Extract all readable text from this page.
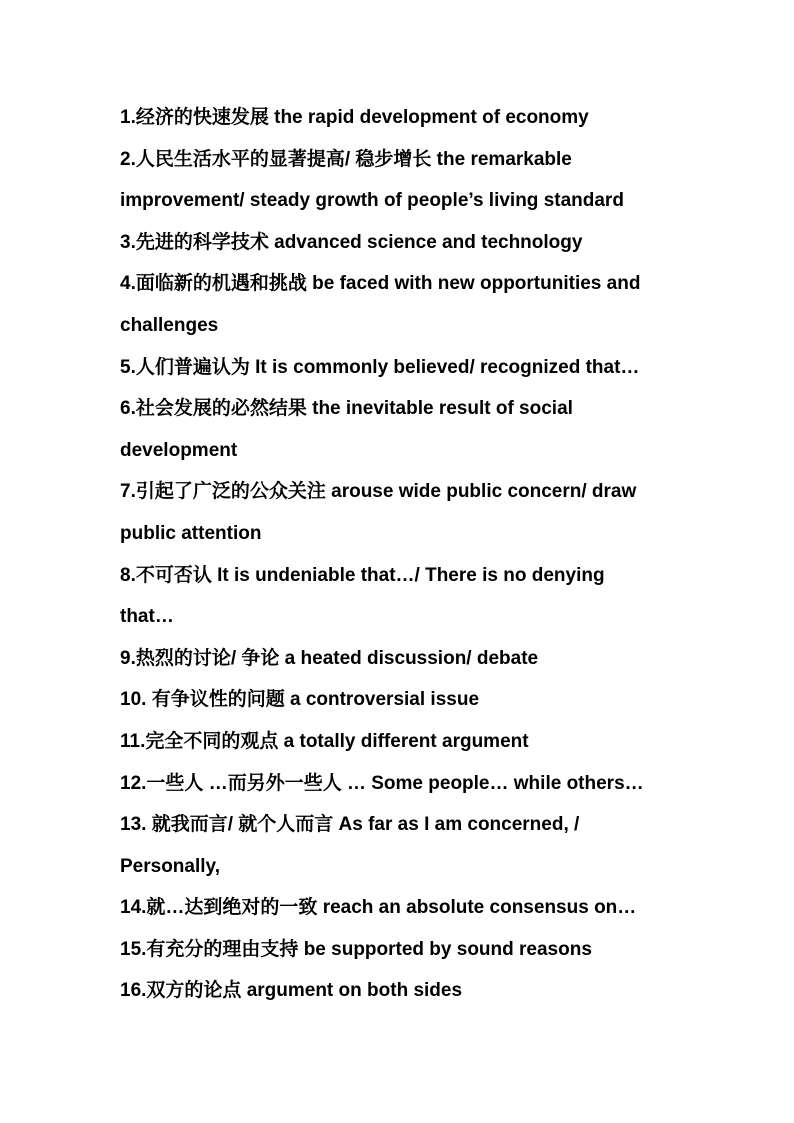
1.经济的快速发展 the rapid development of economy
2.人民生活水平的显著提高/ 稳步增长 the remarkable
improvement/ steady growth of people’s living standard
3.先进的科学技术 advanced science and technology
4.面临新的机遇和挑战 be faced with new opportunities and
challenges
5.人们普遍认为 It is commonly believed/ recognized that…
6.社会发展的必然结果 the inevitable result of social
development
7.引起了广泛的公众关注 arouse wide public concern/ draw
public attention
8.不可否认 It is undeniable that…/ There is no denying
that…
9.热烈的讨论/ 争论 a heated discussion/ debate
10. 有争议性的问题 a controversial issue
11.完全不同的观点 a totally different argument
12.一些人 …而另外一些人 … Some people… while others…
13. 就我而言/ 就个人而言 As far as I am concerned, /
Personally,
14.就…达到绝对的一致 reach an absolute consensus on…
15.有充分的理由支持 be supported by sound reasons
16.双方的论点 argument on both sides
